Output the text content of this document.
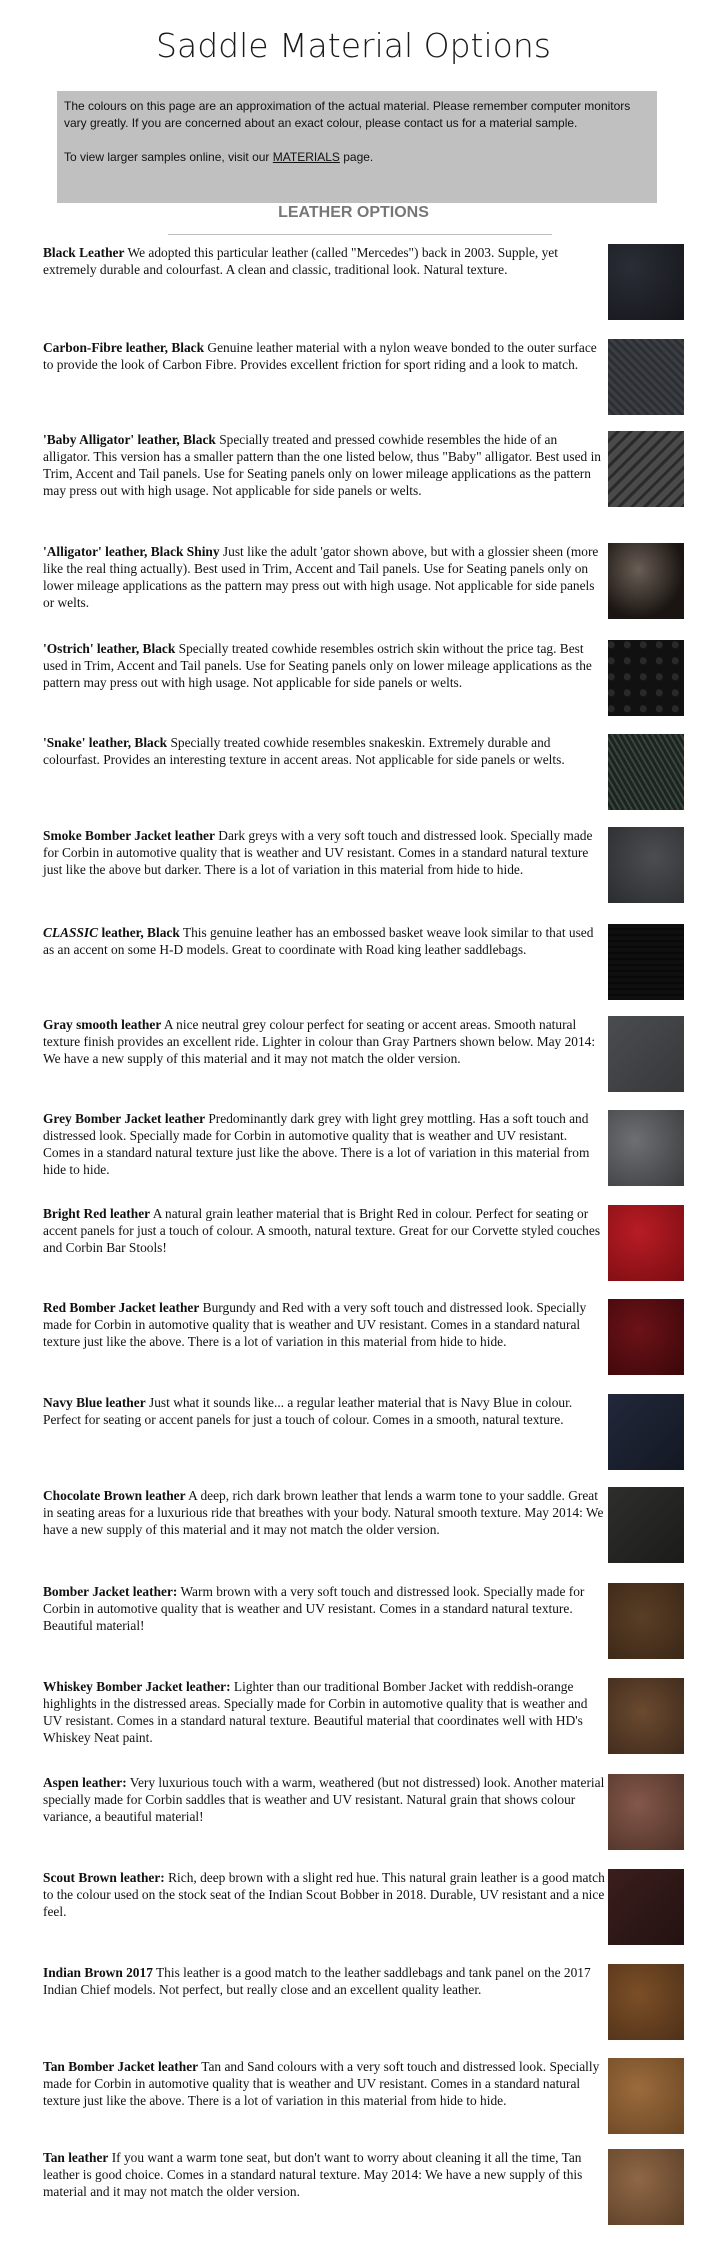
Saddle Material Options

The colours on this page are an approximation of the actual material. Please remember computer monitors vary greatly. If you are concerned about an exact colour, please contact us for a material sample.

To view larger samples online, visit our MATERIALS page.

LEATHER OPTIONS
Black Leather We adopted this particular leather (called "Mercedes") back in 2003. Supple, yet extremely durable and colourfast. A clean and classic, traditional look. Natural texture.
Carbon-Fibre leather, Black Genuine leather material with a nylon weave bonded to the outer surface to provide the look of Carbon Fibre. Provides excellent friction for sport riding and a look to match.
'Baby Alligator' leather, Black Specially treated and pressed cowhide resembles the hide of an alligator. This version has a smaller pattern than the one listed below, thus "Baby" alligator. Best used in Trim, Accent and Tail panels. Use for Seating panels only on lower mileage applications as the pattern may press out with high usage. Not applicable for side panels or welts.
'Alligator' leather, Black Shiny Just like the adult 'gator shown above, but with a glossier sheen (more like the real thing actually). Best used in Trim, Accent and Tail panels. Use for Seating panels only on lower mileage applications as the pattern may press out with high usage. Not applicable for side panels or welts.
'Ostrich' leather, Black Specially treated cowhide resembles ostrich skin without the price tag. Best used in Trim, Accent and Tail panels. Use for Seating panels only on lower mileage applications as the pattern may press out with high usage. Not applicable for side panels or welts.
'Snake' leather, Black Specially treated cowhide resembles snakeskin. Extremely durable and colourfast. Provides an interesting texture in accent areas. Not applicable for side panels or welts.
Smoke Bomber Jacket leather Dark greys with a very soft touch and distressed look. Specially made for Corbin in automotive quality that is weather and UV resistant. Comes in a standard natural texture just like the above but darker. There is a lot of variation in this material from hide to hide.
CLASSIC leather, Black This genuine leather has an embossed basket weave look similar to that used as an accent on some H-D models. Great to coordinate with Road king leather saddlebags.
Gray smooth leather A nice neutral grey colour perfect for seating or accent areas. Smooth natural texture finish provides an excellent ride. Lighter in colour than Gray Partners shown below. May 2014: We have a new supply of this material and it may not match the older version.
Grey Bomber Jacket leather Predominantly dark grey with light grey mottling. Has a soft touch and distressed look. Specially made for Corbin in automotive quality that is weather and UV resistant. Comes in a standard natural texture just like the above. There is a lot of variation in this material from hide to hide.
Bright Red leather A natural grain leather material that is Bright Red in colour. Perfect for seating or accent panels for just a touch of colour. A smooth, natural texture. Great for our Corvette styled couches and Corbin Bar Stools!
Red Bomber Jacket leather Burgundy and Red with a very soft touch and distressed look. Specially made for Corbin in automotive quality that is weather and UV resistant. Comes in a standard natural texture just like the above. There is a lot of variation in this material from hide to hide.
Navy Blue leather Just what it sounds like... a regular leather material that is Navy Blue in colour. Perfect for seating or accent panels for just a touch of colour. Comes in a smooth, natural texture.
Chocolate Brown leather A deep, rich dark brown leather that lends a warm tone to your saddle. Great in seating areas for a luxurious ride that breathes with your body. Natural smooth texture. May 2014: We have a new supply of this material and it may not match the older version.
Bomber Jacket leather: Warm brown with a very soft touch and distressed look. Specially made for Corbin in automotive quality that is weather and UV resistant. Comes in a standard natural texture. Beautiful material!
Whiskey Bomber Jacket leather: Lighter than our traditional Bomber Jacket with reddish-orange highlights in the distressed areas. Specially made for Corbin in automotive quality that is weather and UV resistant. Comes in a standard natural texture. Beautiful material that coordinates well with HD's Whiskey Neat paint.
Aspen leather: Very luxurious touch with a warm, weathered (but not distressed) look. Another material specially made for Corbin saddles that is weather and UV resistant. Natural grain that shows colour variance, a beautiful material!
Scout Brown leather: Rich, deep brown with a slight red hue. This natural grain leather is a good match to the colour used on the stock seat of the Indian Scout Bobber in 2018. Durable, UV resistant and a nice feel.
Indian Brown 2017 This leather is a good match to the leather saddlebags and tank panel on the 2017 Indian Chief models. Not perfect, but really close and an excellent quality leather.
Tan Bomber Jacket leather Tan and Sand colours with a very soft touch and distressed look. Specially made for Corbin in automotive quality that is weather and UV resistant. Comes in a standard natural texture just like the above. There is a lot of variation in this material from hide to hide.
Tan leather If you want a warm tone seat, but don't want to worry about cleaning it all the time, Tan leather is good choice. Comes in a standard natural texture. May 2014: We have a new supply of this material and it may not match the older version.
